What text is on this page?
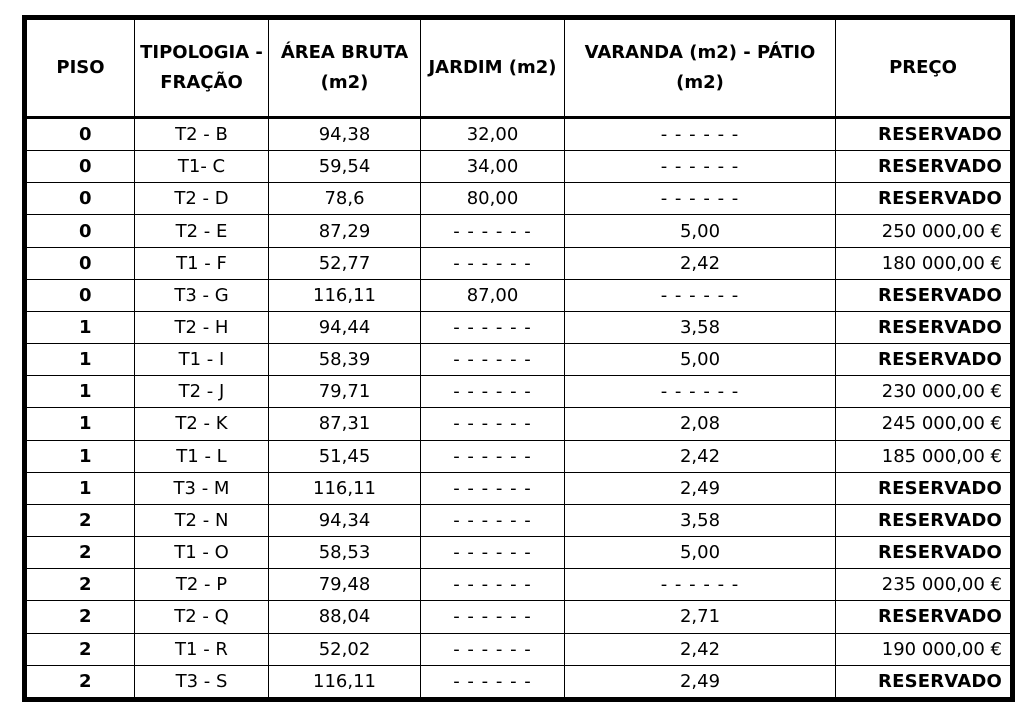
PISO	TIPOLOGIA - FRAÇÃO	ÁREA BRUTA (m2)	JARDIM (m2)	VARANDA (m2) - PÁTIO (m2)	PREÇO
0	T2 - B	94,38	32,00	- - - - - -	RESERVADO
0	T1- C	59,54	34,00	- - - - - -	RESERVADO
0	T2 - D	78,6	80,00	- - - - - -	RESERVADO
0	T2 - E	87,29	- - - - - -	5,00	250 000,00 €
0	T1 - F	52,77	- - - - - -	2,42	180 000,00 €
0	T3 - G	116,11	87,00	- - - - - -	RESERVADO
1	T2 - H	94,44	- - - - - -	3,58	RESERVADO
1	T1 - I	58,39	- - - - - -	5,00	RESERVADO
1	T2 - J	79,71	- - - - - -	- - - - - -	230 000,00 €
1	T2 - K	87,31	- - - - - -	2,08	245 000,00 €
1	T1 - L	51,45	- - - - - -	2,42	185 000,00 €
1	T3 - M	116,11	- - - - - -	2,49	RESERVADO
2	T2 - N	94,34	- - - - - -	3,58	RESERVADO
2	T1 - O	58,53	- - - - - -	5,00	RESERVADO
2	T2 - P	79,48	- - - - - -	- - - - - -	235 000,00 €
2	T2 - Q	88,04	- - - - - -	2,71	RESERVADO
2	T1 - R	52,02	- - - - - -	2,42	190 000,00 €
2	T3 - S	116,11	- - - - - -	2,49	RESERVADO
